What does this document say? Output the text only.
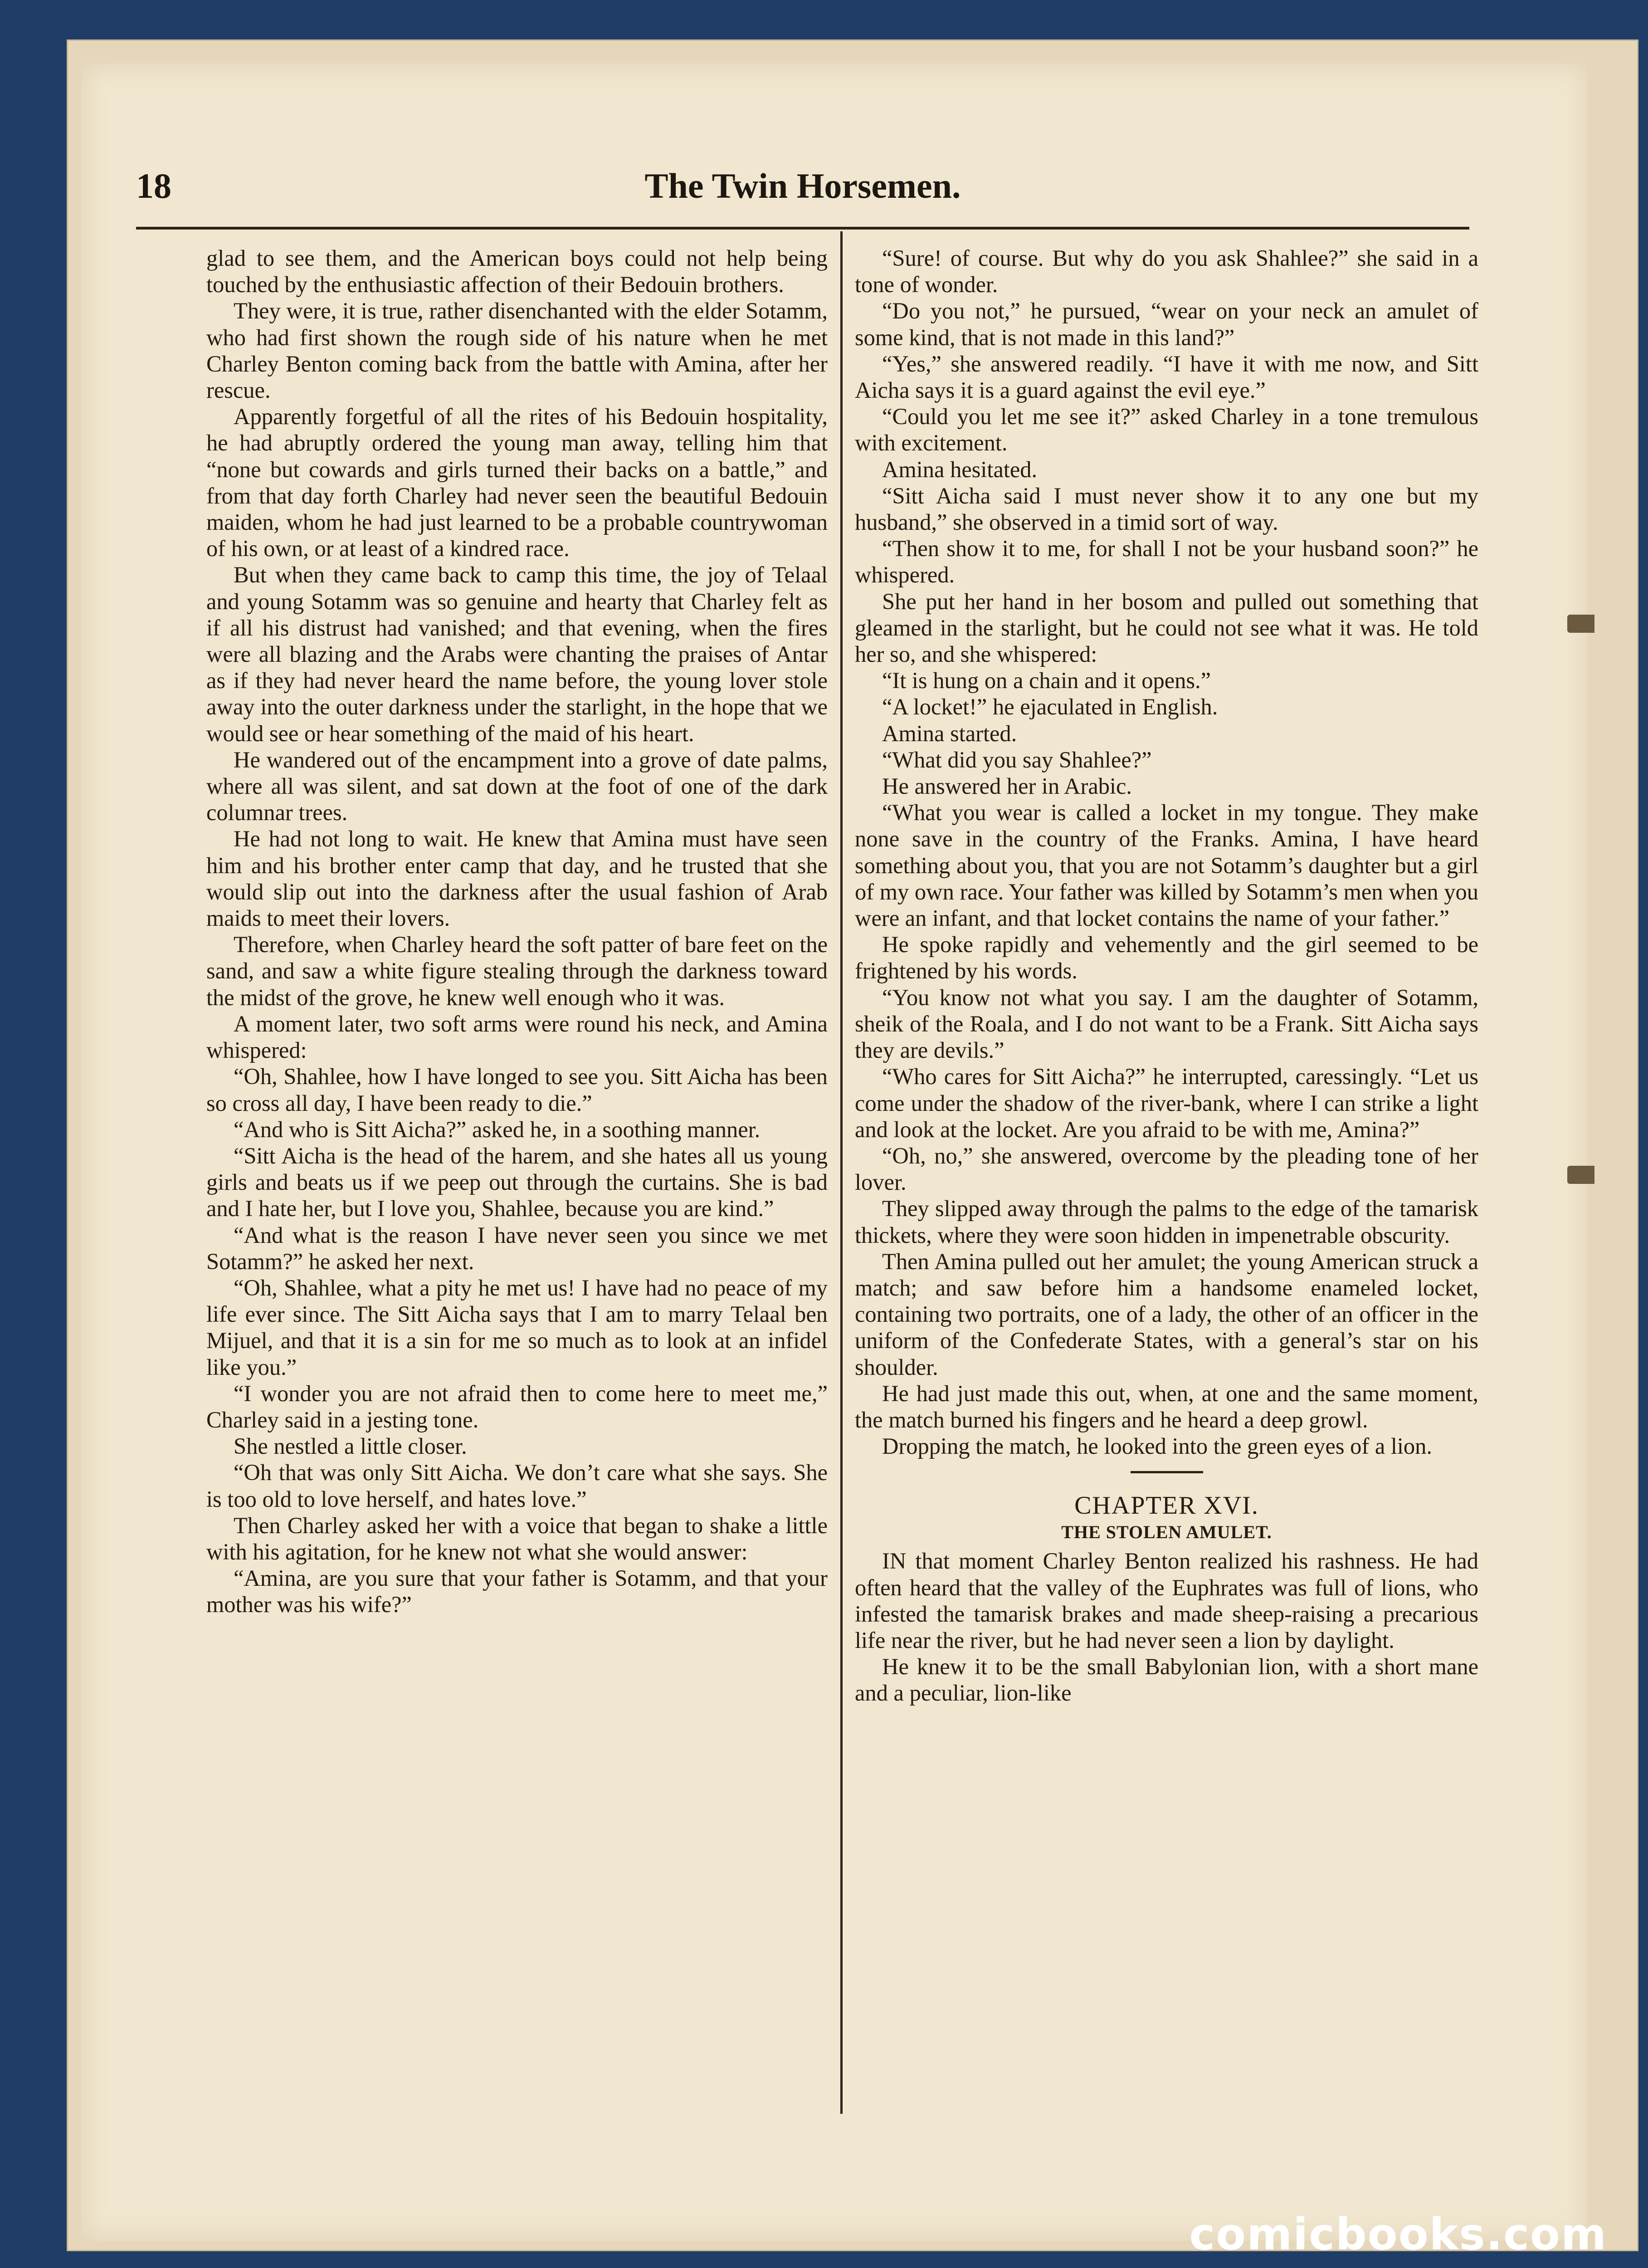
18	The Twin Horsemen.

glad to see them, and the American boys could not help being touched by the enthusiastic affection of their Bedouin brothers.

They were, it is true, rather disenchanted with the elder Sotamm, who had first shown the rough side of his nature when he met Charley Benton coming back from the battle with Amina, after her rescue.

Apparently forgetful of all the rites of his Bedouin hospitality, he had abruptly ordered the young man away, telling him that “none but cowards and girls turned their backs on a battle,” and from that day forth Charley had never seen the beautiful Bedouin maiden, whom he had just learned to be a probable countrywoman of his own, or at least of a kindred race.

But when they came back to camp this time, the joy of Telaal and young Sotamm was so genuine and hearty that Charley felt as if all his distrust had vanished; and that evening, when the fires were all blazing and the Arabs were chanting the praises of Antar as if they had never heard the name before, the young lover stole away into the outer darkness under the starlight, in the hope that we would see or hear something of the maid of his heart.

He wandered out of the encampment into a grove of date palms, where all was silent, and sat down at the foot of one of the dark columnar trees.

He had not long to wait. He knew that Amina must have seen him and his brother enter camp that day, and he trusted that she would slip out into the darkness after the usual fashion of Arab maids to meet their lovers.

Therefore, when Charley heard the soft patter of bare feet on the sand, and saw a white figure stealing through the darkness toward the midst of the grove, he knew well enough who it was.

A moment later, two soft arms were round his neck, and Amina whispered:

“Oh, Shahlee, how I have longed to see you. Sitt Aicha has been so cross all day, I have been ready to die.”

“And who is Sitt Aicha?” asked he, in a soothing manner.

“Sitt Aicha is the head of the harem, and she hates all us young girls and beats us if we peep out through the curtains. She is bad and I hate her, but I love you, Shahlee, because you are kind.”

“And what is the reason I have never seen you since we met Sotamm?” he asked her next.

“Oh, Shahlee, what a pity he met us! I have had no peace of my life ever since. The Sitt Aicha says that I am to marry Telaal ben Mijuel, and that it is a sin for me so much as to look at an infidel like you.”

“I wonder you are not afraid then to come here to meet me,” Charley said in a jesting tone.

She nestled a little closer.

“Oh that was only Sitt Aicha. We don’t care what she says. She is too old to love herself, and hates love.”

Then Charley asked her with a voice that began to shake a little with his agitation, for he knew not what she would answer:

“Amina, are you sure that your father is Sotamm, and that your mother was his wife?”

“Sure! of course. But why do you ask Shahlee?” she said in a tone of wonder.

“Do you not,” he pursued, “wear on your neck an amulet of some kind, that is not made in this land?”

“Yes,” she answered readily. “I have it with me now, and Sitt Aicha says it is a guard against the evil eye.”

“Could you let me see it?” asked Charley in a tone tremulous with excitement.

Amina hesitated.

“Sitt Aicha said I must never show it to any one but my husband,” she observed in a timid sort of way.

“Then show it to me, for shall I not be your husband soon?” he whispered.

She put her hand in her bosom and pulled out something that gleamed in the starlight, but he could not see what it was. He told her so, and she whispered:

“It is hung on a chain and it opens.”

“A locket!” he ejaculated in English.

Amina started.

“What did you say Shahlee?”

He answered her in Arabic.

“What you wear is called a locket in my tongue. They make none save in the country of the Franks. Amina, I have heard something about you, that you are not Sotamm’s daughter but a girl of my own race. Your father was killed by Sotamm’s men when you were an infant, and that locket contains the name of your father.”

He spoke rapidly and vehemently and the girl seemed to be frightened by his words.

“You know not what you say. I am the daughter of Sotamm, sheik of the Roala, and I do not want to be a Frank. Sitt Aicha says they are devils.”

“Who cares for Sitt Aicha?” he interrupted, caressingly. “Let us come under the shadow of the river-bank, where I can strike a light and look at the locket. Are you afraid to be with me, Amina?”

“Oh, no,” she answered, overcome by the pleading tone of her lover.

They slipped away through the palms to the edge of the tamarisk thickets, where they were soon hidden in impenetrable obscurity.

Then Amina pulled out her amulet; the young American struck a match; and saw before him a handsome enameled locket, containing two portraits, one of a lady, the other of an officer in the uniform of the Confederate States, with a general’s star on his shoulder.

He had just made this out, when, at one and the same moment, the match burned his fingers and he heard a deep growl.

Dropping the match, he looked into the green eyes of a lion.

CHAPTER XVI.
THE STOLEN AMULET.

IN that moment Charley Benton realized his rashness. He had often heard that the valley of the Euphrates was full of lions, who infested the tamarisk brakes and made sheep-raising a precarious life near the river, but he had never seen a lion by daylight.

He knew it to be the small Babylonian lion, with a short mane and a peculiar, lion-like

comicbooks.com
